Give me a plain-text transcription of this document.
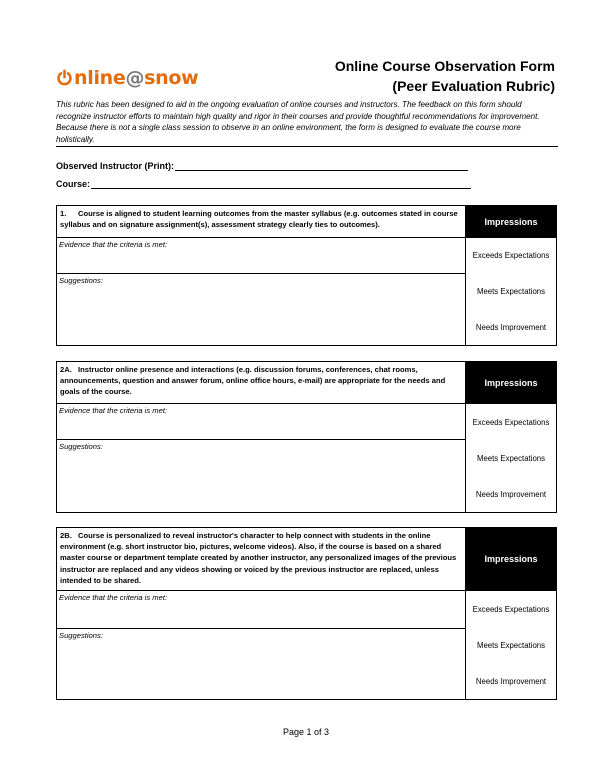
nline@snow
Online Course Observation Form
(Peer Evaluation Rubric)
This rubric has been designed to aid in the ongoing evaluation of online courses and instructors. The feedback on this form should recognize instructor efforts to maintain high quality and rigor in their courses and provide thoughtful recommendations for improvement. Because there is not a single class session to observe in an online environment, the form is designed to evaluate the course more holistically.
Observed Instructor (Print):
Course:
1. Course is aligned to student learning outcomes from the master syllabus (e.g. outcomes stated in course syllabus and on signature assignment(s), assessment strategy clearly ties to outcomes).
Evidence that the criteria is met:
Suggestions:
Impressions
Exceeds Expectations
Meets Expectations
Needs Improvement
2A. Instructor online presence and interactions (e.g. discussion forums, conferences, chat rooms, announcements, question and answer forum, online office hours, e-mail) are appropriate for the needs and goals of the course.
Evidence that the criteria is met:
Suggestions:
Impressions
Exceeds Expectations
Meets Expectations
Needs Improvement
2B. Course is personalized to reveal instructor's character to help connect with students in the online environment (e.g. short instructor bio, pictures, welcome videos). Also, if the course is based on a shared master course or department template created by another instructor, any personalized images of the previous instructor are replaced and any videos showing or voiced by the previous instructor are replaced, unless intended to be shared.
Evidence that the criteria is met:
Suggestions:
Impressions
Exceeds Expectations
Meets Expectations
Needs Improvement
Page 1 of 3
